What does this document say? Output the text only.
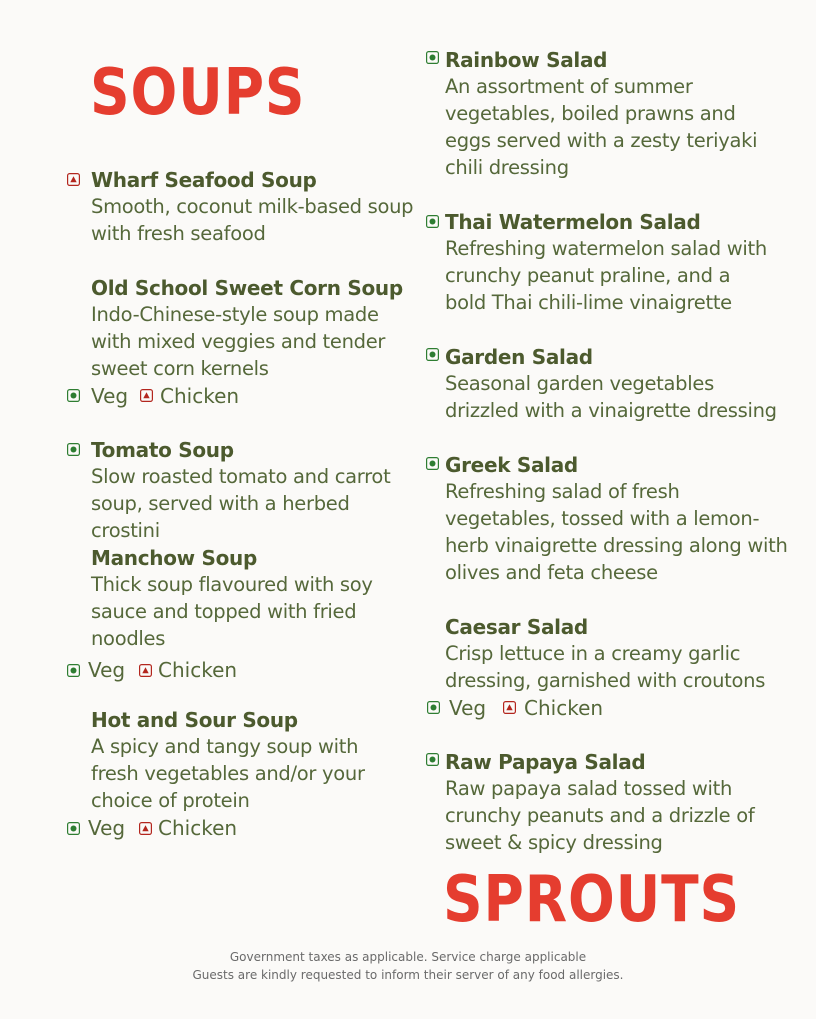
SOUPS
Wharf Seafood Soup
Smooth, coconut milk-based soup with fresh seafood
Old School Sweet Corn Soup
Indo-Chinese-style soup made with mixed veggies and tender sweet corn kernels
Veg Chicken
Tomato Soup
Slow roasted tomato and carrot soup, served with a herbed crostini
Manchow Soup
Thick soup flavoured with soy sauce and topped with fried noodles
Veg Chicken
Hot and Sour Soup
A spicy and tangy soup with fresh vegetables and/or your choice of protein
Veg Chicken
Rainbow Salad
An assortment of summer vegetables, boiled prawns and eggs served with a zesty teriyaki chili dressing
Thai Watermelon Salad
Refreshing watermelon salad with crunchy peanut praline, and a bold Thai chili-lime vinaigrette
Garden Salad
Seasonal garden vegetables drizzled with a vinaigrette dressing
Greek Salad
Refreshing salad of fresh vegetables, tossed with a lemon-herb vinaigrette dressing along with olives and feta cheese
Caesar Salad
Crisp lettuce in a creamy garlic dressing, garnished with croutons
Veg Chicken
Raw Papaya Salad
Raw papaya salad tossed with crunchy peanuts and a drizzle of sweet & spicy dressing
SPROUTS
Government taxes as applicable. Service charge applicable
Guests are kindly requested to inform their server of any food allergies.
